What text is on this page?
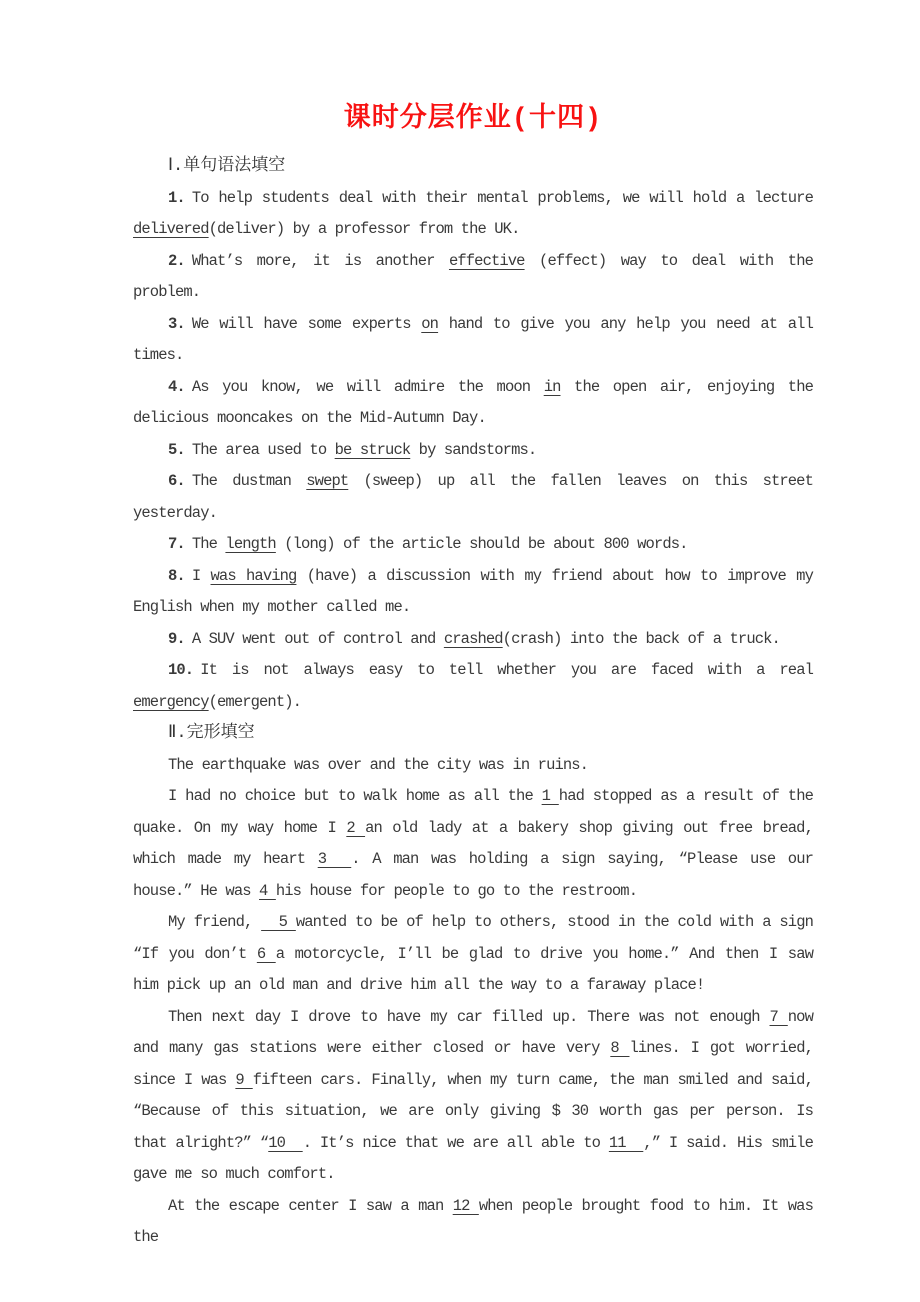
课时分层作业(十四)
Ⅰ.单句语法填空

1. To help students deal with their mental problems, we will hold a lecture delivered(deliver) by a professor from the UK.

2. What’s more, it is another effective (effect) way to deal with the problem.

3. We will have some experts on hand to give you any help you need at all times.

4. As you know, we will admire the moon in the open air, enjoying the delicious mooncakes on the Mid-Autumn Day.

5. The area used to be struck by sandstorms.

6. The dustman swept (sweep) up all the fallen leaves on this street yesterday.

7. The length (long) of the article should be about 800 words.

8. I was having (have) a discussion with my friend about how to improve my English when my mother called me.

9. A SUV went out of control and crashed(crash) into the back of a truck.

10. It is not always easy to tell whether you are faced with a real emergency(emergent).

Ⅱ.完形填空

The earthquake was over and the city was in ruins.

I had no choice but to walk home as all the 1 had stopped as a result of the quake. On my way home I 2 an old lady at a bakery shop giving out free bread, which made my heart 3  . A man was holding a sign saying, “Please use our house.” He was 4 his house for people to go to the restroom.

My friend,   5 wanted to be of help to others, stood in the cold with a sign “If you don’t 6 a motorcycle, I’ll be glad to drive you home.” And then I saw him pick up an old man and drive him all the way to a faraway place!

Then next day I drove to have my car filled up. There was not enough 7 now and many gas stations were either closed or have very 8 lines. I got worried, since I was 9 fifteen cars. Finally, when my turn came, the man smiled and said, “Because of this situation, we are only giving $ 30 worth gas per person. Is that alright?” “10  . It’s nice that we are all able to 11  ,” I said. His smile gave me so much comfort.

At the escape center I saw a man 12 when people brought food to him. It was the
